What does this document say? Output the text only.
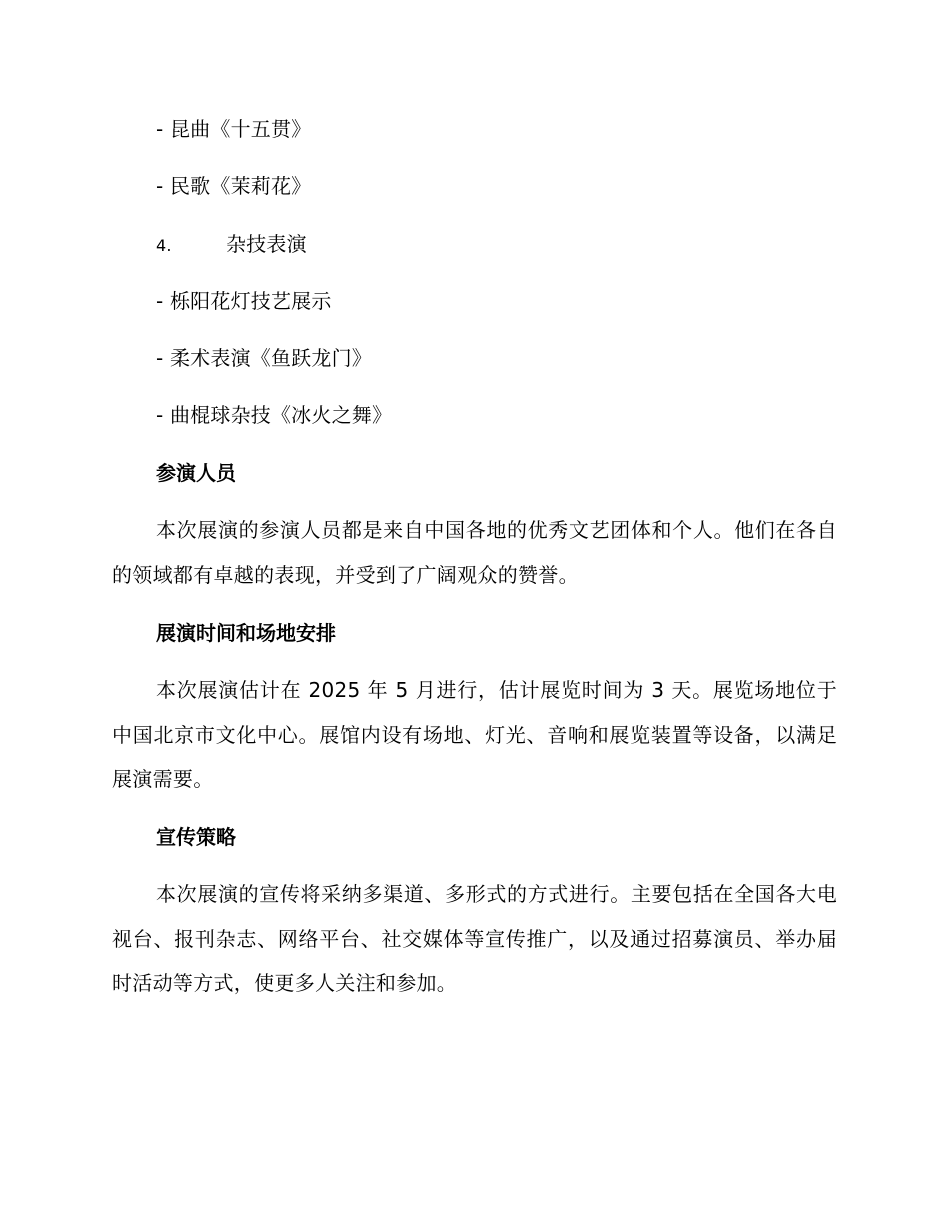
- 昆曲《十五贯》
- 民歌《茉莉花》
4.	杂技表演
- 栎阳花灯技艺展示
- 柔术表演《鱼跃龙门》
- 曲棍球杂技《冰火之舞》
参演人员
本次展演的参演人员都是来自中国各地的优秀文艺团体和个人。他们在各自的领域都有卓越的表现，并受到了广阔观众的赞誉。
展演时间和场地安排
本次展演估计在 2025 年 5 月进行，估计展览时间为 3 天。展览场地位于中国北京市文化中心。展馆内设有场地、灯光、音响和展览装置等设备，以满足展演需要。
宣传策略
本次展演的宣传将采纳多渠道、多形式的方式进行。主要包括在全国各大电视台、报刊杂志、网络平台、社交媒体等宣传推广，以及通过招募演员、举办届时活动等方式，使更多人关注和参加。
